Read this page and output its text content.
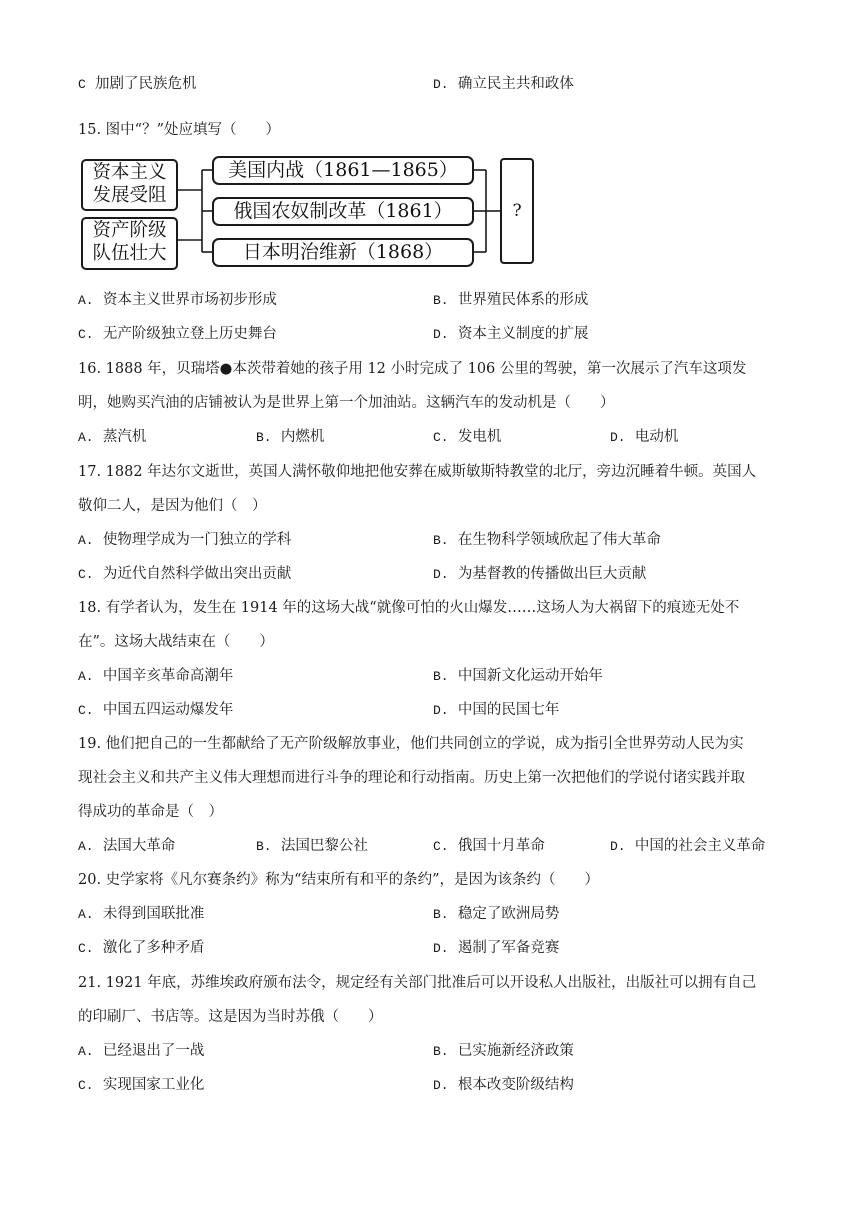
C 加剧了民族危机	D. 确立民主共和政体
15. 图中“？”处应填写（　　）
资本主义
发展受阻
资产阶级
队伍壮大
美国内战（1861—1865）
俄国农奴制改革（1861）
日本明治维新（1868）
?
A. 资本主义世界市场初步形成	B. 世界殖民体系的形成
C. 无产阶级独立登上历史舞台	D. 资本主义制度的扩展
16. 1888 年，贝瑞塔●本茨带着她的孩子用 12 小时完成了 106 公里的驾驶，第一次展示了汽车这项发
明，她购买汽油的店铺被认为是世界上第一个加油站。这辆汽车的发动机是（　　）
A. 蒸汽机	B. 内燃机	C. 发电机	D. 电动机
17. 1882 年达尔文逝世，英国人满怀敬仰地把他安葬在威斯敏斯特教堂的北厅，旁边沉睡着牛顿。英国人
敬仰二人，是因为他们（　）
A. 使物理学成为一门独立的学科	B. 在生物科学领域欣起了伟大革命
C. 为近代自然科学做出突出贡献	D. 为基督教的传播做出巨大贡献
18. 有学者认为，发生在 1914 年的这场大战“就像可怕的火山爆发……这场人为大祸留下的痕迹无处不
在”。这场大战结束在（　　）
A. 中国辛亥革命高潮年	B. 中国新文化运动开始年
C. 中国五四运动爆发年	D. 中国的民国七年
19. 他们把自己的一生都献给了无产阶级解放事业，他们共同创立的学说，成为指引全世界劳动人民为实
现社会主义和共产主义伟大理想而进行斗争的理论和行动指南。历史上第一次把他们的学说付诸实践并取
得成功的革命是（　）
A. 法国大革命	B. 法国巴黎公社	C. 俄国十月革命	D. 中国的社会主义革命
20. 史学家将《凡尔赛条约》称为“结束所有和平的条约”，是因为该条约（　　）
A. 未得到国联批准	B. 稳定了欧洲局势
C. 激化了多种矛盾	D. 遏制了军备竞赛
21. 1921 年底，苏维埃政府颁布法令，规定经有关部门批准后可以开设私人出版社，出版社可以拥有自己
的印刷厂、书店等。这是因为当时苏俄（　　）
A. 已经退出了一战	B. 已实施新经济政策
C. 实现国家工业化	D. 根本改变阶级结构
